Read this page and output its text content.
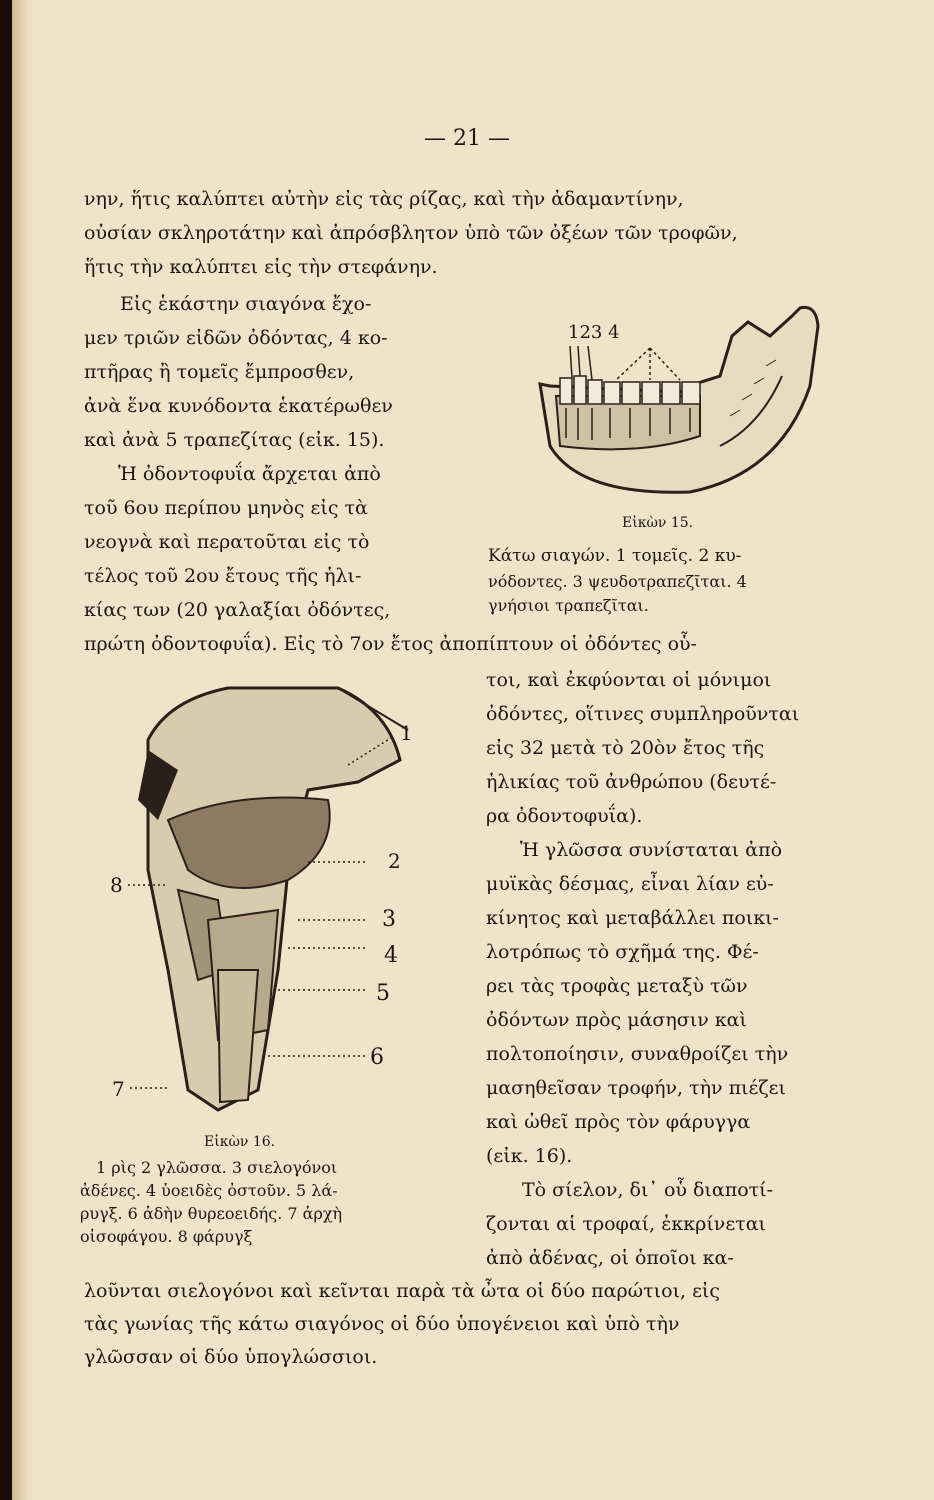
— 21 —
νην, ἥτις καλύπτει αὐτὴν εἰς τὰς ρίζας, καὶ τὴν ἀδαμαντίνην,
οὐσίαν σκληροτάτην καὶ ἀπρόσβλητον ὑπὸ τῶν ὀξέων τῶν τροφῶν,
ἥτις τὴν καλύπτει εἰς τὴν στεφάνην.
Εἰς ἑκάστην σιαγόνα ἔχο-
μεν τριῶν εἰδῶν ὀδόντας, 4 κο-
πτῆρας ἢ τομεῖς ἔμπροσθεν,
ἀνὰ ἕνα κυνόδοντα ἑκατέρωθεν
καὶ ἀνὰ 5 τραπεζίτας (εἰκ. 15).
Ἡ ὀδοντοφυΐα ἄρχεται ἀπὸ
τοῦ 6ου περίπου μηνὸς εἰς τὰ
νεογνὰ καὶ περατοῦται εἰς τὸ
τέλος τοῦ 2ου ἔτους τῆς ἡλι-
κίας των (20 γαλαξίαι ὀδόντες,
123 4
Εἰκὼν 15.
Κάτω σιαγών. 1 τομεῖς. 2 κυ-
νόδοντες. 3 ψευδοτραπεζῖται. 4
γνήσιοι τραπεζῖται.
πρώτη ὀδοντοφυΐα). Εἰς τὸ 7ον ἔτος ἀποπίπτουν οἱ ὀδόντες οὗ-
1
2
3
4
5
6
7
8
Εἰκὼν 16.
1 ρὶς 2 γλῶσσα. 3 σιελογόνοι
ἀδένες. 4 ὑοειδὲς ὀστοῦν. 5 λά-
ρυγξ. 6 ἀδὴν θυρεοειδής. 7 ἀρχὴ
οἰσοφάγου. 8 φάρυγξ
τοι, καὶ ἐκφύονται οἱ μόνιμοι
ὀδόντες, οἵτινες συμπληροῦνται
εἰς 32 μετὰ τὸ 20ὸν ἔτος τῆς
ἡλικίας τοῦ ἀνθρώπου (δευτέ-
ρα ὀδοντοφυΐα).
Ἡ γλῶσσα συνίσταται ἀπὸ
μυϊκὰς δέσμας, εἶναι λίαν εὐ-
κίνητος καὶ μεταβάλλει ποικι-
λοτρόπως τὸ σχῆμά της. Φέ-
ρει τὰς τροφὰς μεταξὺ τῶν
ὀδόντων πρὸς μάσησιν καὶ
πολτοποίησιν, συναθροίζει τὴν
μασηθεῖσαν τροφήν, τὴν πιέζει
καὶ ὠθεῖ πρὸς τὸν φάρυγγα
(εἰκ. 16).
Τὸ σίελον, δι᾿ οὗ διαποτί-
ζονται αἱ τροφαί, ἐκκρίνεται
ἀπὸ ἀδένας, οἱ ὁποῖοι κα-
λοῦνται σιελογόνοι καὶ κεῖνται παρὰ τὰ ὦτα οἱ δύο παρώτιοι, εἰς
τὰς γωνίας τῆς κάτω σιαγόνος οἱ δύο ὑπογένειοι καὶ ὑπὸ τὴν
γλῶσσαν οἱ δύο ὑπογλώσσιοι.
